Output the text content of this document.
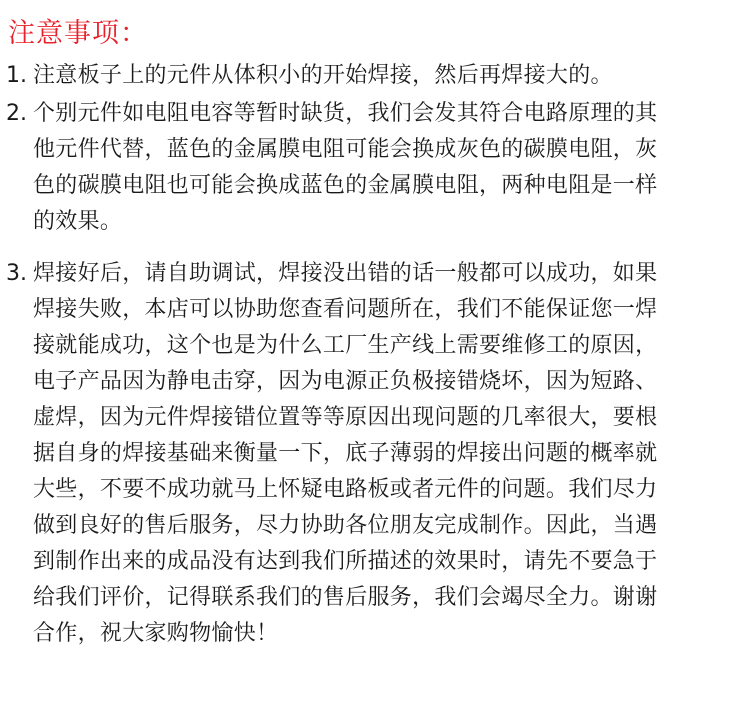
注意事项：
1. 注意板子上的元件从体积小的开始焊接，然后再焊接大的。
2. 个别元件如电阻电容等暂时缺货，我们会发其符合电路原理的其
他元件代替，蓝色的金属膜电阻可能会换成灰色的碳膜电阻，灰
色的碳膜电阻也可能会换成蓝色的金属膜电阻，两种电阻是一样
的效果。
3. 焊接好后，请自助调试，焊接没出错的话一般都可以成功，如果
焊接失败，本店可以协助您查看问题所在，我们不能保证您一焊
接就能成功，这个也是为什么工厂生产线上需要维修工的原因，
电子产品因为静电击穿，因为电源正负极接错烧坏，因为短路、
虚焊，因为元件焊接错位置等等原因出现问题的几率很大，要根
据自身的焊接基础来衡量一下，底子薄弱的焊接出问题的概率就
大些，不要不成功就马上怀疑电路板或者元件的问题。我们尽力
做到良好的售后服务，尽力协助各位朋友完成制作。因此，当遇
到制作出来的成品没有达到我们所描述的效果时，请先不要急于
给我们评价，记得联系我们的售后服务，我们会竭尽全力。谢谢
合作，祝大家购物愉快！
